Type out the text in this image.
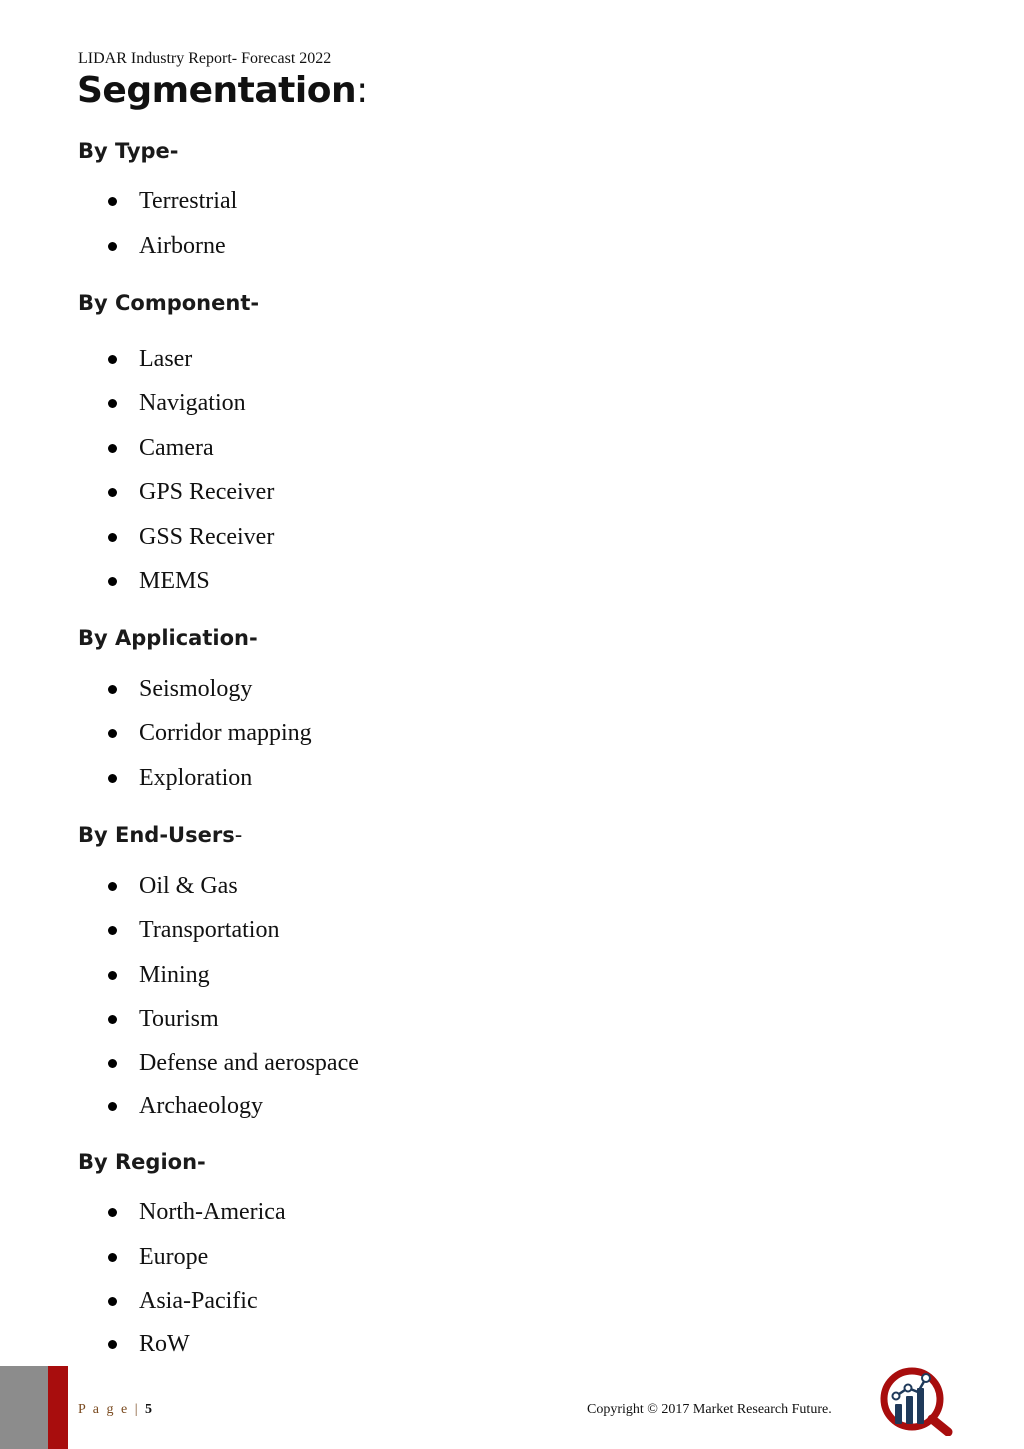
LIDAR Industry Report- Forecast 2022
Segmentation:
By Type-
Terrestrial
Airborne
By Component-
Laser
Navigation
Camera
GPS Receiver
GSS Receiver
MEMS
By Application-
Seismology
Corridor mapping
Exploration
By End-Users-
Oil & Gas
Transportation
Mining
Tourism
Defense and aerospace
Archaeology
By Region-
North-America
Europe
Asia-Pacific
RoW
P a g e | 5	Copyright © 2017 Market Research Future.
